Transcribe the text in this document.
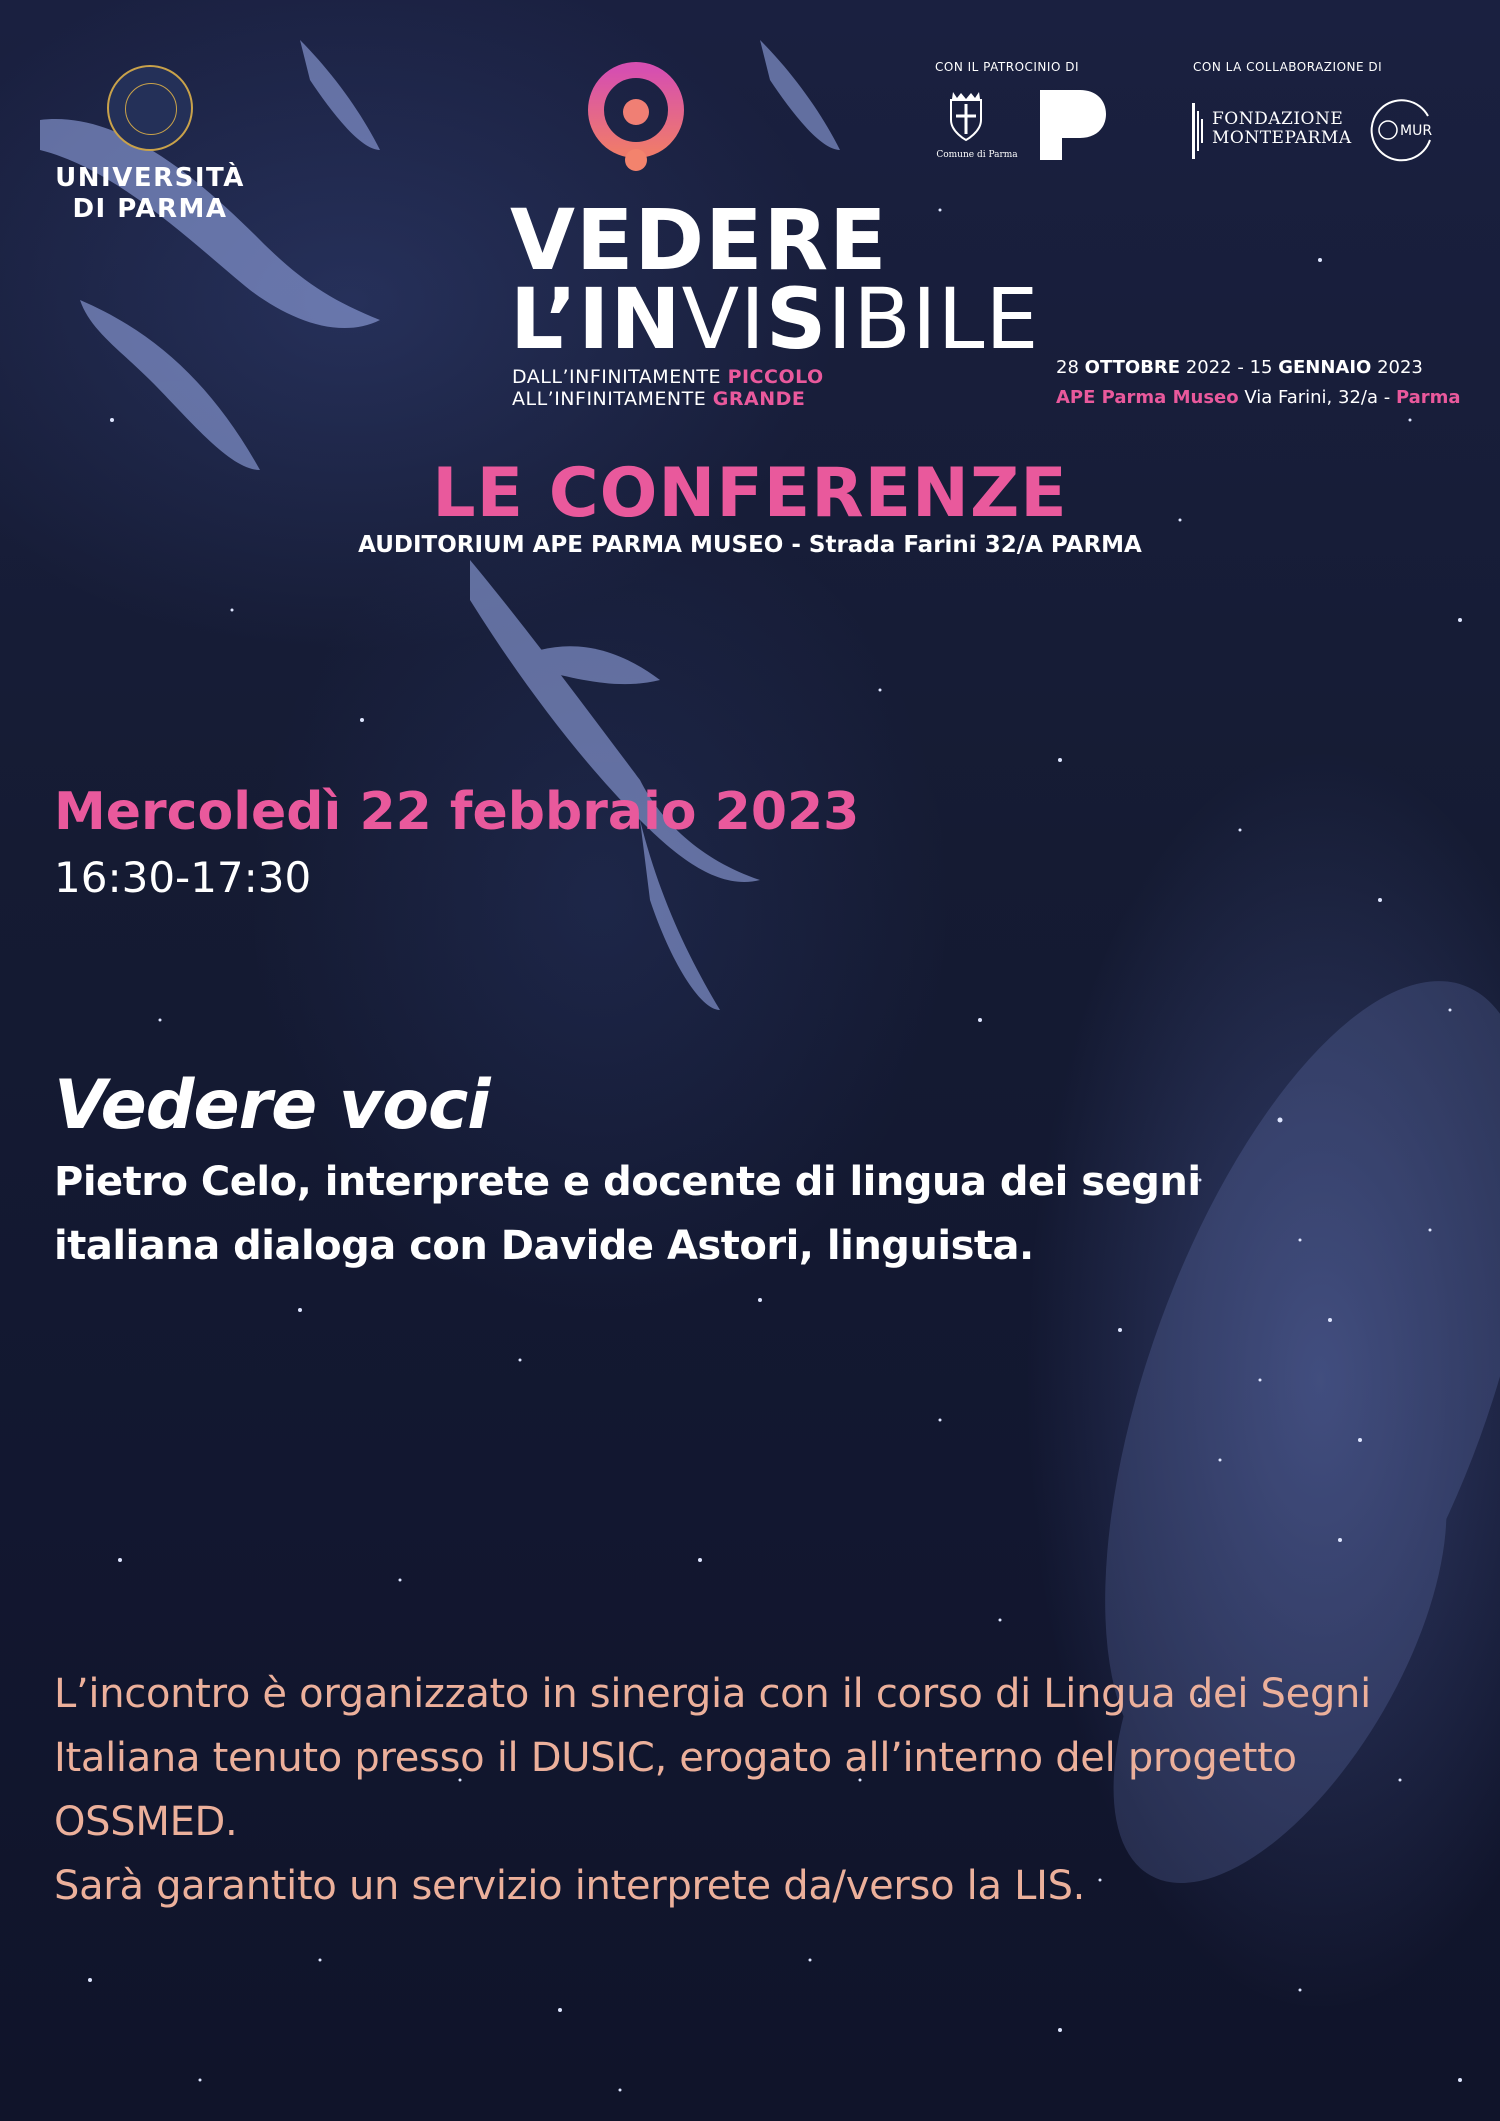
UNIVERSITÀ
DI PARMA	VEDERE
L’INVISIBILE
DALL’INFINITAMENTE PICCOLO
ALL’INFINITAMENTE GRANDE
CON IL PATROCINIO DI
Comune di Parma
CON LA COLLABORAZIONE DI
FONDAZIONE
MONTEPARMA	MUR
28 OTTOBRE 2022 - 15 GENNAIO 2023
APE Parma Museo Via Farini, 32/a - Parma
LE CONFERENZE
AUDITORIUM APE PARMA MUSEO - Strada Farini 32/A PARMA
Mercoledì 22 febbraio 2023
16:30-17:30
Vedere voci
Pietro Celo, interprete e docente di lingua dei segni italiana dialoga con Davide Astori, linguista.
L’incontro è organizzato in sinergia con il corso di Lingua dei Segni Italiana tenuto presso il DUSIC, erogato all’interno del progetto OSSMED.
Sarà garantito un servizio interprete da/verso la LIS.
